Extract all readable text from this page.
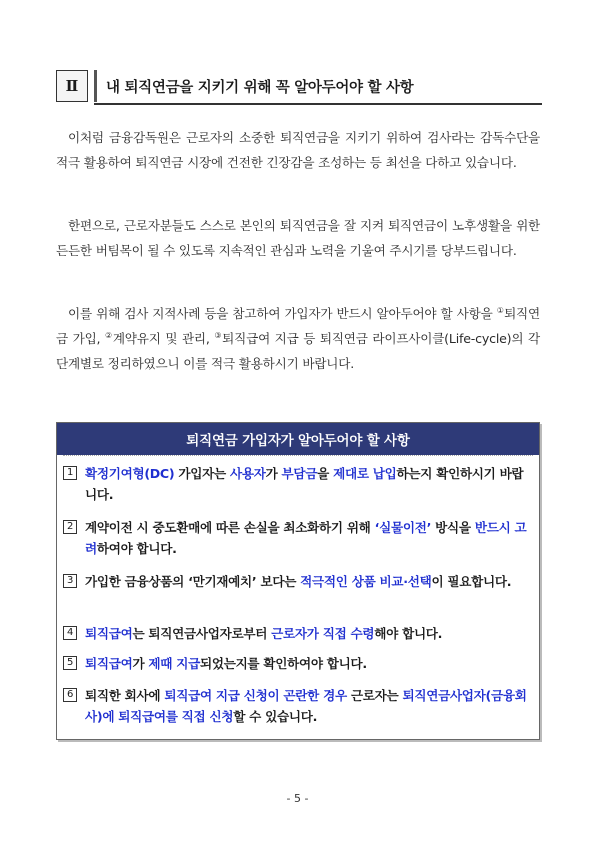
Ⅱ	내 퇴직연금을 지키기 위해 꼭 알아두어야 할 사항
이처럼 금융감독원은 근로자의 소중한 퇴직연금을 지키기 위하여 검사라는 감독수단을 적극 활용하여 퇴직연금 시장에 건전한 긴장감을 조성하는 등 최선을 다하고 있습니다.
한편으로, 근로자분들도 스스로 본인의 퇴직연금을 잘 지켜 퇴직연금이 노후생활을 위한 든든한 버팀목이 될 수 있도록 지속적인 관심과 노력을 기울여 주시기를 당부드립니다.
이를 위해 검사 지적사례 등을 참고하여 가입자가 반드시 알아두어야 할 사항을 ①퇴직연금 가입, ②계약유지 및 관리, ③퇴직급여 지급 등 퇴직연금 라이프사이클(Life-cycle)의 각 단계별로 정리하였으니 이를 적극 활용하시기 바랍니다.
퇴직연금 가입자가 알아두어야 할 사항
1 확정기여형(DC) 가입자는 사용자가 부담금을 제대로 납입하는지 확인하시기 바랍니다.
2 계약이전 시 중도환매에 따른 손실을 최소화하기 위해 ‘실물이전’ 방식을 반드시 고려하여야 합니다.
3 가입한 금융상품의 ‘만기재예치’ 보다는 적극적인 상품 비교·선택이 필요합니다.
4 퇴직급여는 퇴직연금사업자로부터 근로자가 직접 수령해야 합니다.
5 퇴직급여가 제때 지급되었는지를 확인하여야 합니다.
6 퇴직한 회사에 퇴직급여 지급 신청이 곤란한 경우 근로자는 퇴직연금사업자(금융회사)에 퇴직급여를 직접 신청할 수 있습니다.
- 5 -
